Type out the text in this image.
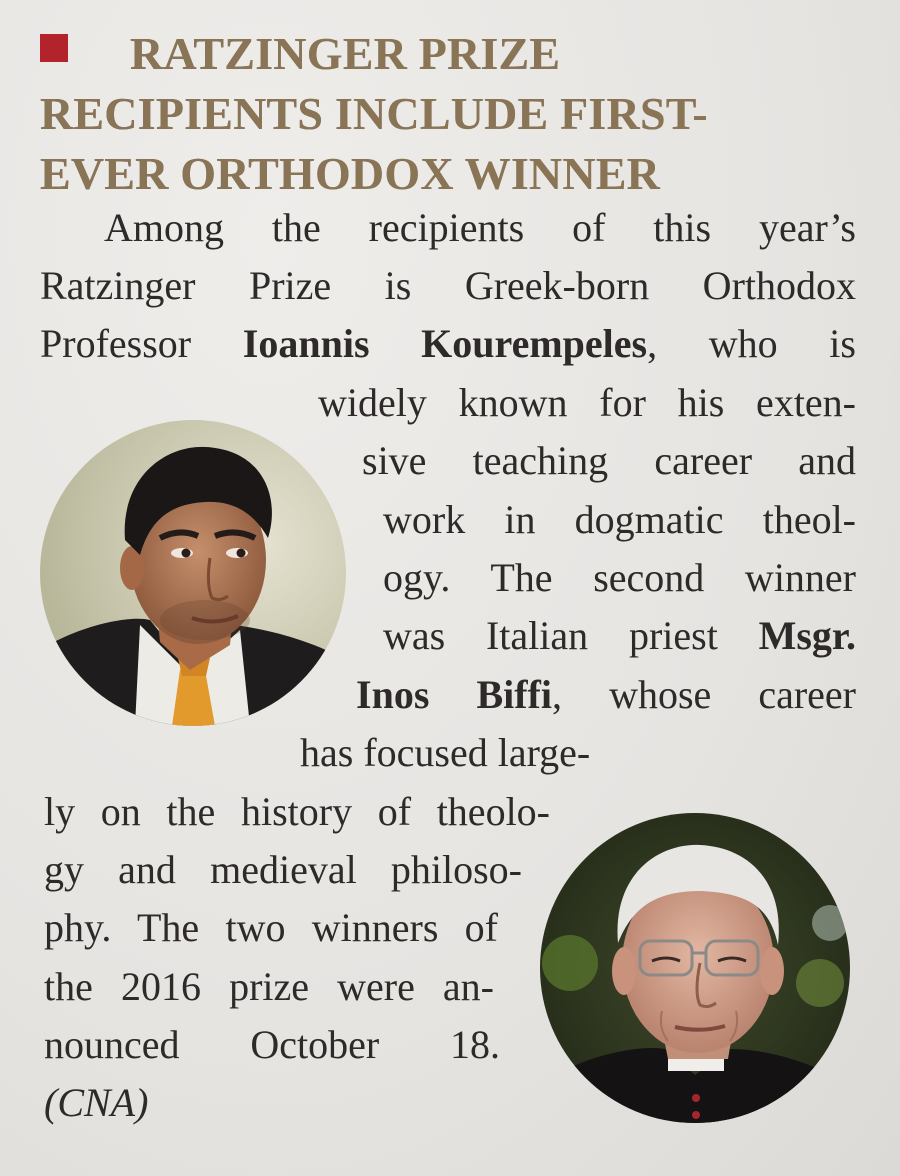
RATZINGER PRIZE
RECIPIENTS INCLUDE FIRST-
EVER ORTHODOX WINNER
Among the recipients of this year’s
Ratzinger Prize is Greek-born Orthodox
Professor Ioannis Kourempeles, who is
widely known for his exten-
sive teaching career and
work in dogmatic theol-
ogy. The second winner
was Italian priest Msgr.
Inos Biffi, whose career
has focused large-
ly on the history of theolo-
gy and medieval philoso-
phy. The two winners of
the 2016 prize were an-
nounced October 18.
(CNA)
